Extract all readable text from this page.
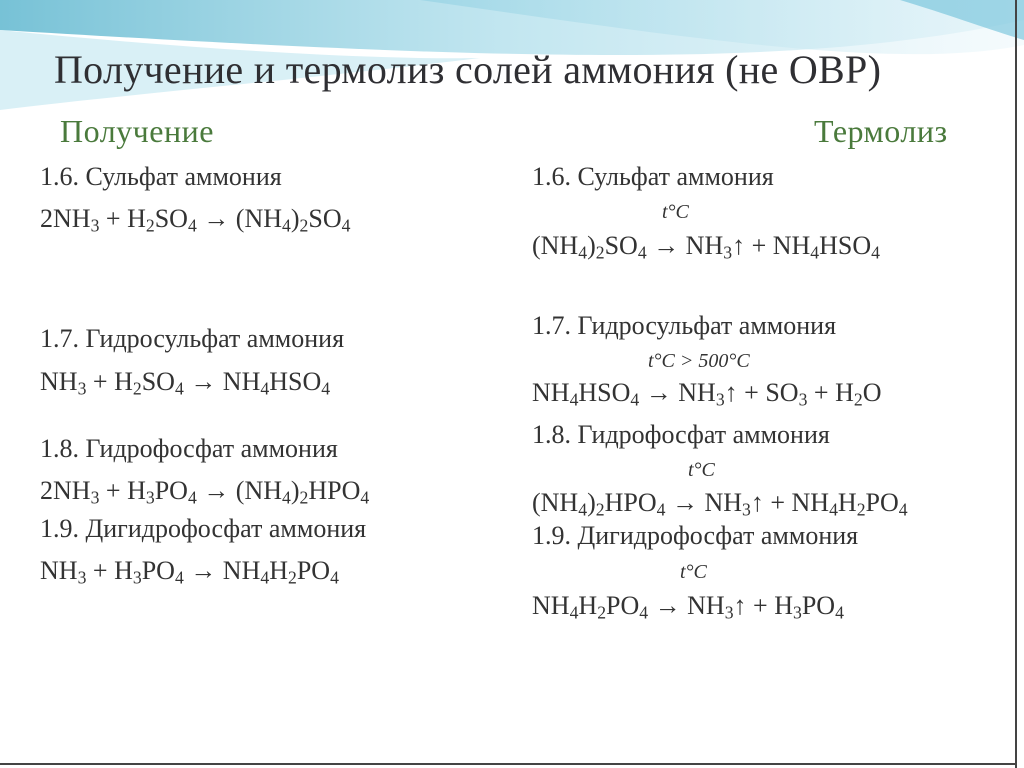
Получение и термолиз солей аммония (не ОВР)
Получение	Термолиз
1.6. Сульфат аммония
$2NH_3 + H_2SO_4 \to (NH_4)_2SO_4$
1.7. Гидросульфат аммония
$NH_3 + H_2SO_4 \to NH_4HSO_4$
1.8. Гидрофосфат аммония
$2NH_3 + H_3PO_4 \to (NH_4)_2HPO_4$
1.9. Дигидрофосфат аммония
$NH_3 + H_3PO_4 \to NH_4H_2PO_4$
1.6. Сульфат аммония
t°C
$(NH_4)_2SO_4$ → $NH_3↑ + NH_4HSO_4$
1.7. Гидросульфат аммония
t°C > 500°C
$NH_4HSO_4$ → $NH_3↑ + SO_3 + H_2O$
1.8. Гидрофосфат аммония
t°C
$(NH_4)_2HPO_4$ → $NH_3↑ + NH_4H_2PO_4$
1.9. Дигидрофосфат аммония
t°C
$NH_4H_2PO_4$ → $NH_3↑ + H_3PO_4$
